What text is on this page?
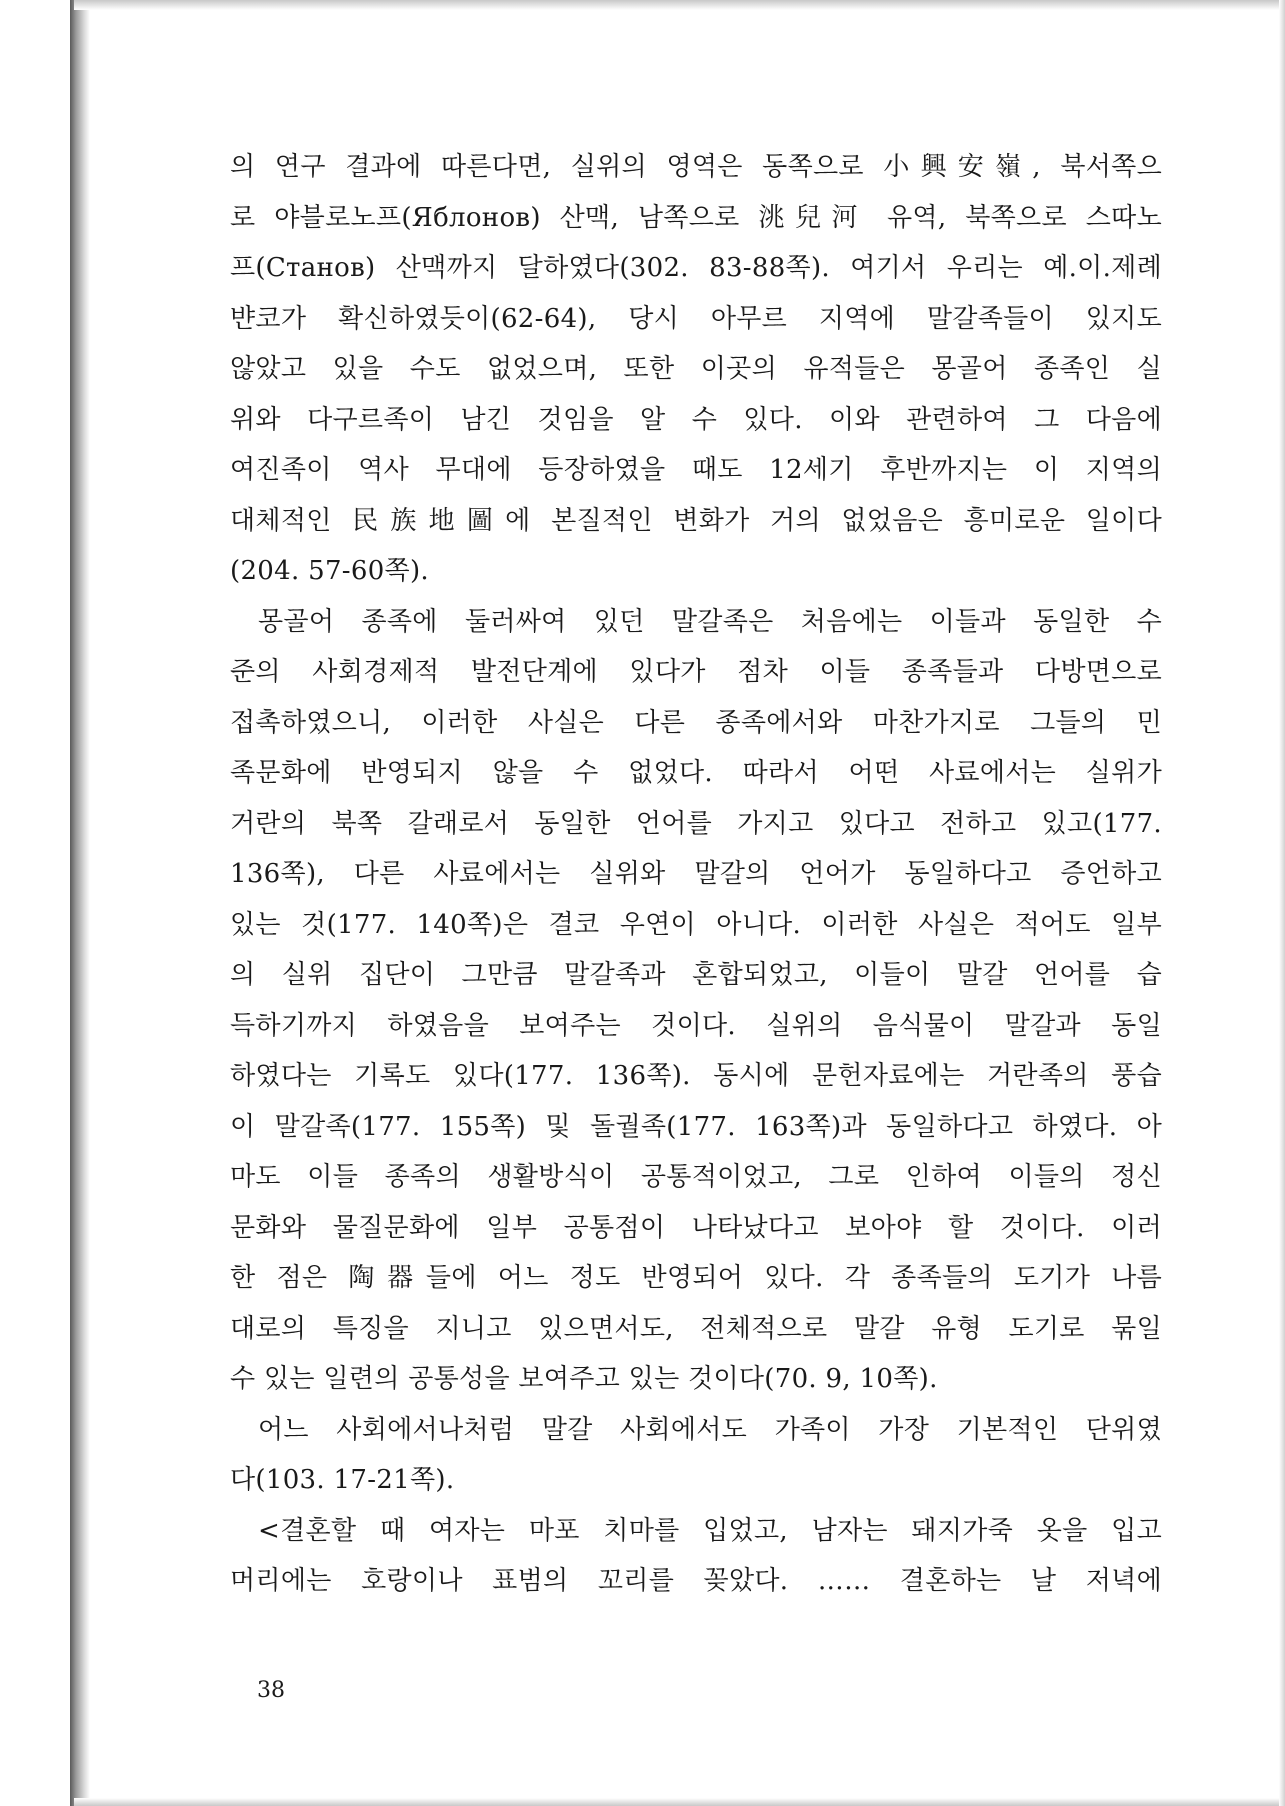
의 연구 결과에 따른다면, 실위의 영역은 동쪽으로 小興安嶺, 북서쪽으
로 야블로노프(Яблонов) 산맥, 남쪽으로 洮兒河 유역, 북쪽으로 스따노
프(Станов) 산맥까지 달하였다(302. 83-88쪽). 여기서 우리는 예.이.제례
뱐코가 확신하였듯이(62-64), 당시 아무르 지역에 말갈족들이 있지도
않았고 있을 수도 없었으며, 또한 이곳의 유적들은 몽골어 종족인 실
위와 다구르족이 남긴 것임을 알 수 있다. 이와 관련하여 그 다음에
여진족이 역사 무대에 등장하였을 때도 12세기 후반까지는 이 지역의
대체적인 民族地圖에 본질적인 변화가 거의 없었음은 흥미로운 일이다
(204. 57-60쪽).
몽골어 종족에 둘러싸여 있던 말갈족은 처음에는 이들과 동일한 수
준의 사회경제적 발전단계에 있다가 점차 이들 종족들과 다방면으로
접촉하였으니, 이러한 사실은 다른 종족에서와 마찬가지로 그들의 민
족문화에 반영되지 않을 수 없었다. 따라서 어떤 사료에서는 실위가
거란의 북쪽 갈래로서 동일한 언어를 가지고 있다고 전하고 있고(177.
136쪽), 다른 사료에서는 실위와 말갈의 언어가 동일하다고 증언하고
있는 것(177. 140쪽)은 결코 우연이 아니다. 이러한 사실은 적어도 일부
의 실위 집단이 그만큼 말갈족과 혼합되었고, 이들이 말갈 언어를 습
득하기까지 하였음을 보여주는 것이다. 실위의 음식물이 말갈과 동일
하였다는 기록도 있다(177. 136쪽). 동시에 문헌자료에는 거란족의 풍습
이 말갈족(177. 155쪽) 및 돌궐족(177. 163쪽)과 동일하다고 하였다. 아
마도 이들 종족의 생활방식이 공통적이었고, 그로 인하여 이들의 정신
문화와 물질문화에 일부 공통점이 나타났다고 보아야 할 것이다. 이러
한 점은 陶器들에 어느 정도 반영되어 있다. 각 종족들의 도기가 나름
대로의 특징을 지니고 있으면서도, 전체적으로 말갈 유형 도기로 묶일
수 있는 일련의 공통성을 보여주고 있는 것이다(70. 9, 10쪽).
어느 사회에서나처럼 말갈 사회에서도 가족이 가장 기본적인 단위였
다(103. 17-21쪽).
<결혼할 때 여자는 마포 치마를 입었고, 남자는 돼지가죽 옷을 입고
머리에는 호랑이나 표범의 꼬리를 꽂았다. …… 결혼하는 날 저녁에
38
